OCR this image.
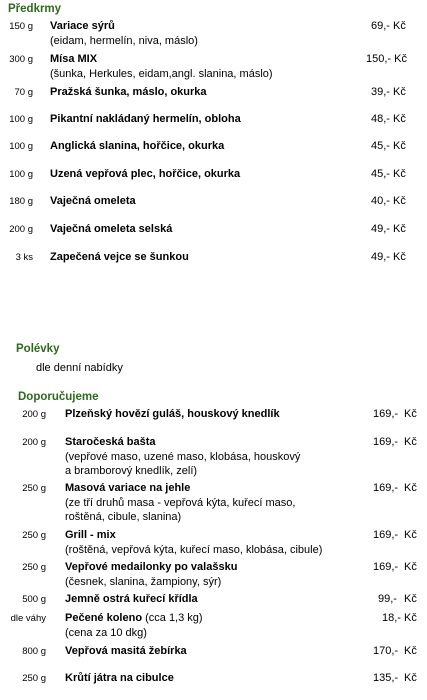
Předkrmy
150 g Variace sýrů
(eidam, hermelín, niva, máslo)
69,- Kč
300 g Mísa MIX
(šunka, Herkules, eidam,angl. slanina, máslo)
150,- Kč
70 g Pražská šunka, máslo, okurka	39,- Kč
100 g Pikantní nakládaný hermelín, obloha	48,- Kč
100 g Anglická slanina, hořčice, okurka	45,- Kč
100 g Uzená vepřová plec, hořčice, okurka	45,- Kč
180 g Vaječná omeleta	40,- Kč
200 g Vaječná omeleta selská	49,- Kč
3 ks Zapečená vejce se šunkou	49,- Kč
Polévky
dle denní nabídky
Doporučujeme
200 g Plzeňský hovězí guláš, houskový knedlík	169,- Kč
200 g Staročeská bašta
(vepřové maso, uzené maso, klobása, houskový
a bramborový knedlík, zelí)
169,- Kč
250 g Masová variace na jehle
(ze tří druhů masa - vepřová kýta, kuřecí maso,
roštěná, cibule, slanina)
169,- Kč
250 g Grill - mix
(roštěná, vepřová kýta, kuřecí maso, klobása, cibule)
169,- Kč
250 g Vepřové medailonky po valašsku
(česnek, slanina, žampiony, sýr)
169,- Kč
500 g Jemně ostrá kuřecí křídla	99,- Kč
dle váhy Pečené koleno (cca 1,3 kg)
(cena za 10 dkg)
18,- Kč
800 g Vepřová masitá žebírka	170,- Kč
250 g Krůtí játra na cibulce	135,- Kč
